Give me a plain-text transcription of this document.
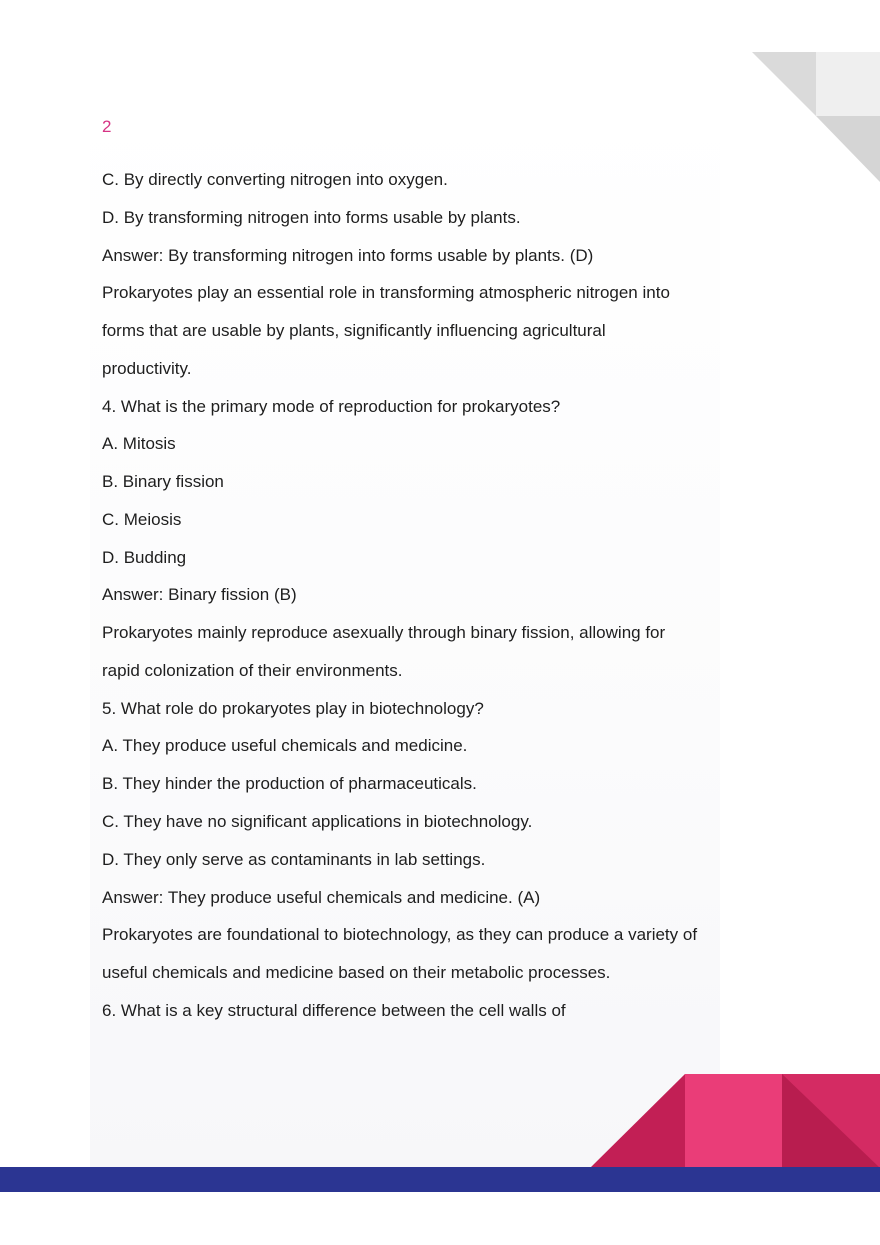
2
C. By directly converting nitrogen into oxygen.
D. By transforming nitrogen into forms usable by plants.
Answer: By transforming nitrogen into forms usable by plants. (D)
Prokaryotes play an essential role in transforming atmospheric nitrogen into
forms that are usable by plants, significantly influencing agricultural
productivity.
4. What is the primary mode of reproduction for prokaryotes?
A. Mitosis
B. Binary fission
C. Meiosis
D. Budding
Answer: Binary fission (B)
Prokaryotes mainly reproduce asexually through binary fission, allowing for
rapid colonization of their environments.
5. What role do prokaryotes play in biotechnology?
A. They produce useful chemicals and medicine.
B. They hinder the production of pharmaceuticals.
C. They have no significant applications in biotechnology.
D. They only serve as contaminants in lab settings.
Answer: They produce useful chemicals and medicine. (A)
Prokaryotes are foundational to biotechnology, as they can produce a variety of
useful chemicals and medicine based on their metabolic processes.
6. What is a key structural difference between the cell walls of
